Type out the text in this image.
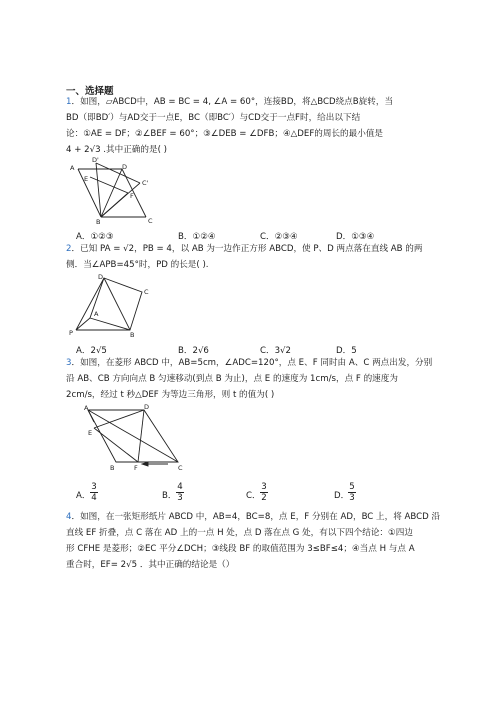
一、选择题
1．如图，▱ABCD中，AB = BC = 4, ∠A = 60°，连接BD，将△BCD绕点B旋转，当
BD（即BD′）与AD交于一点E，BC（即BC′）与CD交于一点F时，给出以下结
论：①AE = DF；②∠BEF = 60°；③∠DEB = ∠DFB；④△DEF的周长的最小值是
4 + 2√3 .其中正确的是( )
D'
D
A
E	C'
F
B	C
A．①②③	B．①②④	C．②③④	D．①③④
2．已知 PA = √2，PB = 4，以 AB 为一边作正方形 ABCD，使 P、D 两点落在直线 AB 的两
侧．当∠APB=45°时，PD 的长是( ).
D
C
A
P	B
A．2√5	B．2√6	C．3√2	D．5
3．如图，在菱形 ABCD 中，AB=5cm，∠ADC=120°，点 E、F 同时由 A、C 两点出发，分别
沿 AB、CB 方向向点 B 匀速移动(到点 B 为止)，点 E 的速度为 1cm/s，点 F 的速度为
2cm/s，经过 t 秒△DEF 为等边三角形，则 t 的值为( )
A	D
E
B	F	C
A．
3
4	B．
4
3	C．
3
2	D．
5
3
4．如图，在一张矩形纸片 ABCD 中，AB=4，BC=8，点 E，F 分别在 AD，BC 上，将 ABCD 沿
直线 EF 折叠，点 C 落在 AD 上的一点 H 处，点 D 落在点 G 处，有以下四个结论：①四边
形 CFHE 是菱形；②EC 平分∠DCH；③线段 BF 的取值范围为 3≤BF≤4；④当点 H 与点 A
重合时，EF= 2√5 ．其中正确的结论是（）
